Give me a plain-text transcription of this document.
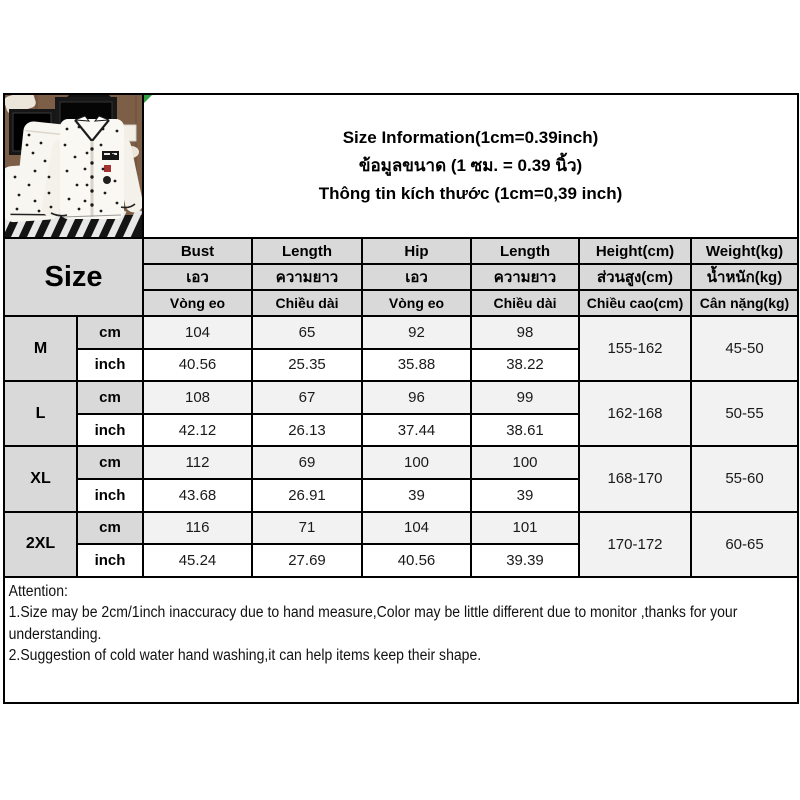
Size Information(1cm=0.39inch)
ข้อมูลขนาด (1 ซม. = 0.39 นิ้ว)
Thông tin kích thước (1cm=0,39 inch)					

Size		Bust	Length	Hip	Length	Height(cm)	Weight(kg)
		เอว	ความยาว	เอว	ความยาว	ส่วนสูง(cm)	น้ำหนัก(kg)
		Vòng eo	Chiều dài	Vòng eo	Chiều dài	Chiều cao(cm)	Cân nặng(kg)
M	cm	104	65	92	98	155-162	45-50
	inch	40.56	25.35	35.88	38.22		
L	cm	108	67	96	99	162-168	50-55
	inch	42.12	26.13	37.44	38.61		
XL	cm	112	69	100	100	168-170	55-60
	inch	43.68	26.91	39	39		
2XL	cm	116	71	104	101	170-172	60-65
	inch	45.24	27.69	40.56	39.39		

Attention:
1.Size may be 2cm/1inch inaccuracy due to hand measure,Color may be little different due to monitor ,thanks for your understanding.
2.Suggestion of cold water hand washing,it can help items keep their shape.							
